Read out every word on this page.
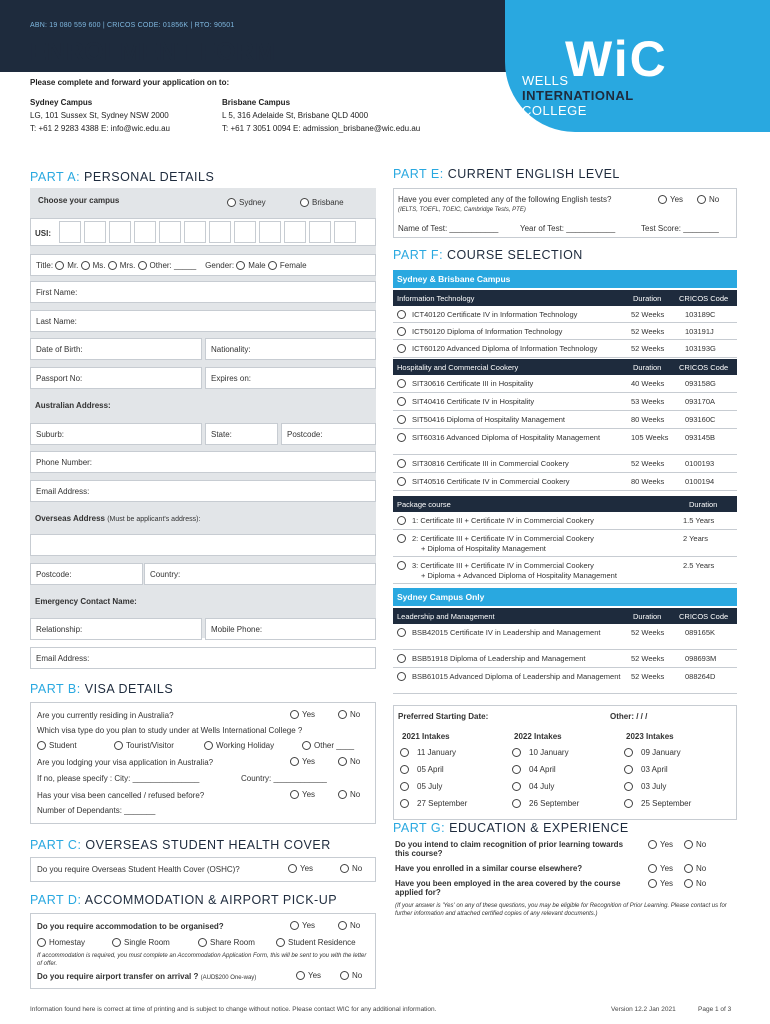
ABN: 19 080 559 600 | CRICOS CODE: 01856K | RTO: 90501
ENROLMENT FORM	WiC
WELLS
INTERNATIONAL
COLLEGE
Please complete and forward your application on to:
Sydney Campus
LG, 101 Sussex St, Sydney NSW 2000
T: +61 2 9283 4388 E: info@wic.edu.au
Brisbane Campus
L 5, 316 Adelaide St, Brisbane QLD 4000
T: +61 7 3051 0094 E: admission_brisbane@wic.edu.au
PART A: PERSONAL DETAILS
Choose your campus	Sydney	Brisbane
USI:
Title:
Mr.
Ms.
Mrs.
Other: _____
Gender:
Male
Female
First Name:
Last Name:
Date of Birth:	Nationality:
Passport No:	Expires on:
Australian Address:
Suburb:	State:	Postcode:
Phone Number:
Email Address:
Overseas Address (Must be applicant's address):
Postcode:	Country:
Emergency Contact Name:
Relationship:	Mobile Phone:
Email Address:
PART B: VISA DETAILS
Are you currently residing in Australia?	Yes	No
Which visa type do you plan to study under at Wells International College ?
Student	Tourist/Visitor	Working Holiday	Other ____
Are you lodging your visa application in Australia?	Yes	No
If no, please specify : City: _______________	Country: ____________
Has your visa been cancelled / refused before?	Yes	No
Number of Dependants: _______
PART C: OVERSEAS STUDENT HEALTH COVER
Do you require Overseas Student Health Cover (OSHC)?	Yes	No
PART D: ACCOMMODATION & AIRPORT PICK-UP
Do you require accommodation to be organised?	Yes	No
Homestay	Single Room	Share Room	Student Residence
If accommodation is required, you must complete an Accommodation Application Form, this will be sent to you with the letter of offer.
Do you require airport transfer on arrival ? (AUD$200 One-way)	Yes	No
PART E: CURRENT ENGLISH LEVEL
Have you ever completed any of the following English tests?
(IELTS, TOEFL, TOEIC, Cambridge Tests, PTE)
Yes	No
Name of Test: ___________	Year of Test: ___________	Test Score: ________
PART F: COURSE SELECTION
Sydney & Brisbane Campus
Information Technology	Duration	CRICOS Code
ICT40120 Certificate IV in Information Technology	52 Weeks	103189C
ICT50120 Diploma of Information Technology	52 Weeks	103191J
ICT60120 Advanced Diploma of Information Technology	52 Weeks	103193G
Hospitality and Commercial Cookery	Duration	CRICOS Code
SIT30616 Certificate III in Hospitality	40 Weeks	093158G
SIT40416 Certificate IV in Hospitality	53 Weeks	093170A
SIT50416 Diploma of Hospitality Management	80 Weeks	093160C
SIT60316 Advanced Diploma of Hospitality Management	105 Weeks 093145B
SIT30816 Certificate III in Commercial Cookery	52 Weeks	0100193
SIT40516 Certificate IV in Commercial Cookery	80 Weeks	0100194
Package course	Duration
1: Certificate III + Certificate IV in Commercial Cookery	1.5 Years
2: Certificate III + Certificate IV in Commercial Cookery
+ Diploma of Hospitality Management
2 Years
3: Certificate III + Certificate IV in Commercial Cookery
+ Diploma + Advanced Diploma of Hospitality Management
2.5 Years
Sydney Campus Only
Leadership and Management	Duration	CRICOS Code
BSB42015 Certificate IV in Leadership and Management	52 Weeks	089165K
BSB51918 Diploma of Leadership and Management	52 Weeks	098693M
BSB61015 Advanced Diploma of Leadership and Management	52 Weeks	088264D
Preferred Starting Date:	Other: / / /
2021 Intakes
11 January
05 April
05 July
27 September
2022 Intakes
10 January
04 April
04 July
26 September
2023 Intakes
09 January
03 April
03 July
25 September
PART G: EDUCATION & EXPERIENCE
Do you intend to claim recognition of prior learning towards this course?
Yes	No
Have you enrolled in a similar course elsewhere?	Yes	No
Have you been employed in the area covered by the course applied for?
Yes	No
(If your answer is 'Yes' on any of these questions, you may be eligible for Recognition of Prior Learning. Please contact us for further information and attached certified copies of any relevant documents.)
Information found here is correct at time of printing and is subject to change without notice. Please contact WIC for any additional information.	Version 12.2 Jan 2021	Page 1 of 3
